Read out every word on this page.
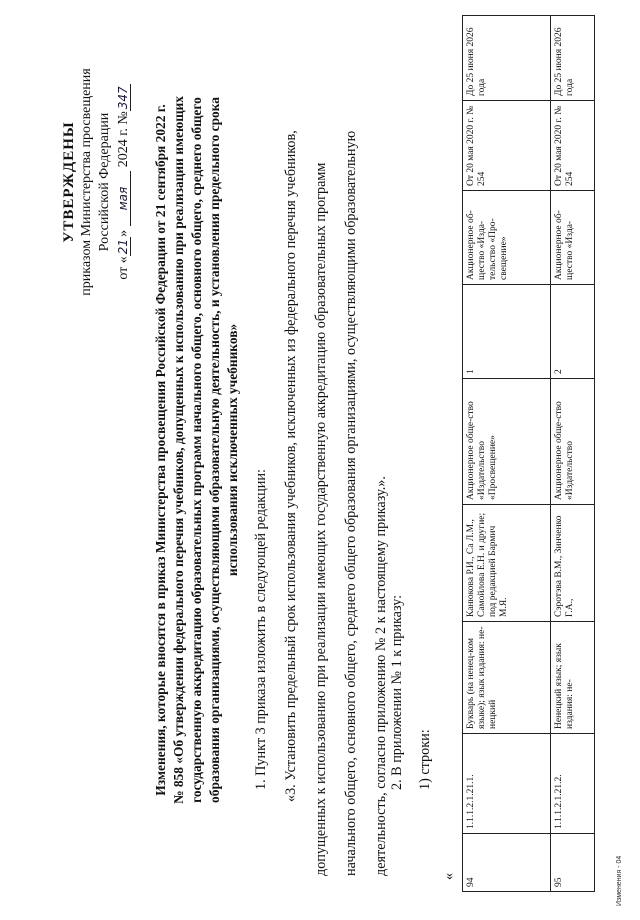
УТВЕРЖДЕНЫ приказом Министерства просвещения Российской Федерации
от «21» мая 2024 г. №347
Изменения, которые вносятся в приказ Министерства просвещения Российской Федерации от 21 сентября 2022 г. № 858 «Об утверждении федерального перечня учебников, допущенных к использованию при реализации имеющих государственную аккредитацию образовательных программ начального общего, основного общего, среднего общего образования организациями, осуществляющими образовательную деятельность, и установления предельного срока использования исключенных учебников»
1. Пункт 3 приказа изложить в следующей редакции: «3. Установить предельный срок использования учебников, исключенных из федерального перечня учебников, допущенных к использованию при реализации имеющих государственную аккредитацию образовательных программ начального общего, основного общего, среднего общего образования организациями, осуществляющими образовательную деятельность, согласно приложению № 2 к настоящему приказу.». 2. В приложении № 1 к приказу: 1) строки:
«
94	1.1.1.2.1.21.1.	Букварь (на ненец-ком языке); язык издания: не-нецкий	Канюкова Р.И., Са Л.М., Самойлова Е.Н. и другие; под редакцией Бармич М.Я.	Акционерное обще-ство «Издательство «Просвещение»	1	Акционерное об-щество «Изда-тельство «Про-свещение»	От 20 мая 2020 г. № 254	До 25 июня 2026 года
95	1.1.1.2.1.21.2.	Ненецкий язык; язык издания: не-	Сэротэва В.М., Зинченко Г.А.,	Акционерное обще-ство «Издательство	2	Акционерное об-щество «Изда-	От 20 мая 2020 г. № 254	До 25 июня 2026 года
Изменения - 04
